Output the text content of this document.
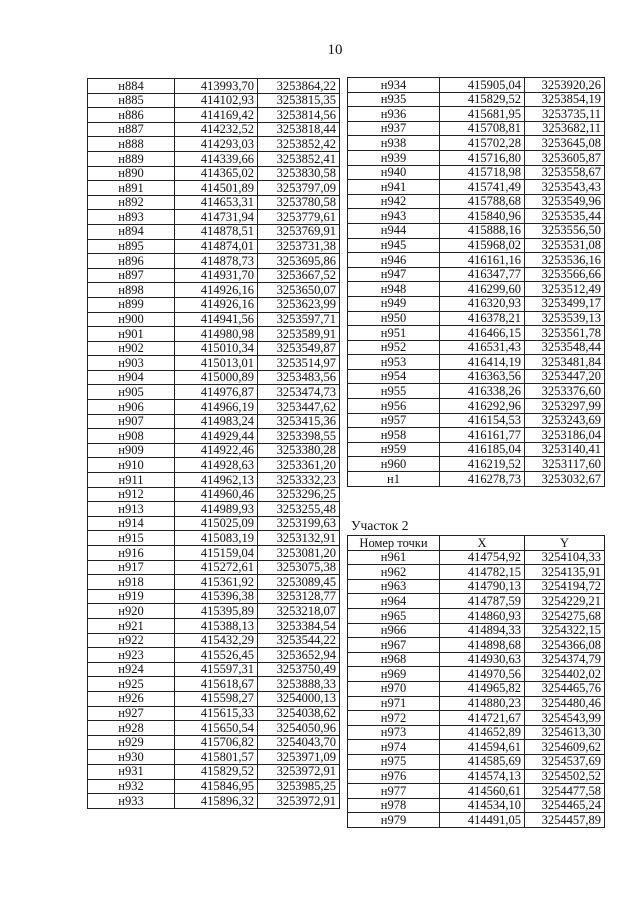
10
н884	413993,70	3253864,22
н885	414102,93	3253815,35
н886	414169,42	3253814,56
н887	414232,52	3253818,44
н888	414293,03	3253852,42
н889	414339,66	3253852,41
н890	414365,02	3253830,58
н891	414501,89	3253797,09
н892	414653,31	3253780,58
н893	414731,94	3253779,61
н894	414878,51	3253769,91
н895	414874,01	3253731,38
н896	414878,73	3253695,86
н897	414931,70	3253667,52
н898	414926,16	3253650,07
н899	414926,16	3253623,99
н900	414941,56	3253597,71
н901	414980,98	3253589,91
н902	415010,34	3253549,87
н903	415013,01	3253514,97
н904	415000,89	3253483,56
н905	414976,87	3253474,73
н906	414966,19	3253447,62
н907	414983,24	3253415,36
н908	414929,44	3253398,55
н909	414922,46	3253380,28
н910	414928,63	3253361,20
н911	414962,13	3253332,23
н912	414960,46	3253296,25
н913	414989,93	3253255,48
н914	415025,09	3253199,63
н915	415083,19	3253132,91
н916	415159,04	3253081,20
н917	415272,61	3253075,38
н918	415361,92	3253089,45
н919	415396,38	3253128,77
н920	415395,89	3253218,07
н921	415388,13	3253384,54
н922	415432,29	3253544,22
н923	415526,45	3253652,94
н924	415597,31	3253750,49
н925	415618,67	3253888,33
н926	415598,27	3254000,13
н927	415615,33	3254038,62
н928	415650,54	3254050,96
н929	415706,82	3254043,70
н930	415801,57	3253971,09
н931	415829,52	3253972,91
н932	415846,95	3253985,25
н933	415896,32	3253972,91
н934	415905,04	3253920,26
н935	415829,52	3253854,19
н936	415681,95	3253735,11
н937	415708,81	3253682,11
н938	415702,28	3253645,08
н939	415716,80	3253605,87
н940	415718,98	3253558,67
н941	415741,49	3253543,43
н942	415788,68	3253549,96
н943	415840,96	3253535,44
н944	415888,16	3253556,50
н945	415968,02	3253531,08
н946	416161,16	3253536,16
н947	416347,77	3253566,66
н948	416299,60	3253512,49
н949	416320,93	3253499,17
н950	416378,21	3253539,13
н951	416466,15	3253561,78
н952	416531,43	3253548,44
н953	416414,19	3253481,84
н954	416363,56	3253447,20
н955	416338,26	3253376,60
н956	416292,96	3253297,99
н957	416154,53	3253243,69
н958	416161,77	3253186,04
н959	416185,04	3253140,41
н960	416219,52	3253117,60
н1	416278,73	3253032,67
Участок 2
Номер точки	X	Y
н961	414754,92	3254104,33
н962	414782,15	3254135,91
н963	414790,13	3254194,72
н964	414787,59	3254229,21
н965	414860,93	3254275,68
н966	414894,33	3254322,15
н967	414898,68	3254366,08
н968	414930,63	3254374,79
н969	414970,56	3254402,02
н970	414965,82	3254465,76
н971	414880,23	3254480,46
н972	414721,67	3254543,99
н973	414652,89	3254613,30
н974	414594,61	3254609,62
н975	414585,69	3254537,69
н976	414574,13	3254502,52
н977	414560,61	3254477,58
н978	414534,10	3254465,24
н979	414491,05	3254457,89
